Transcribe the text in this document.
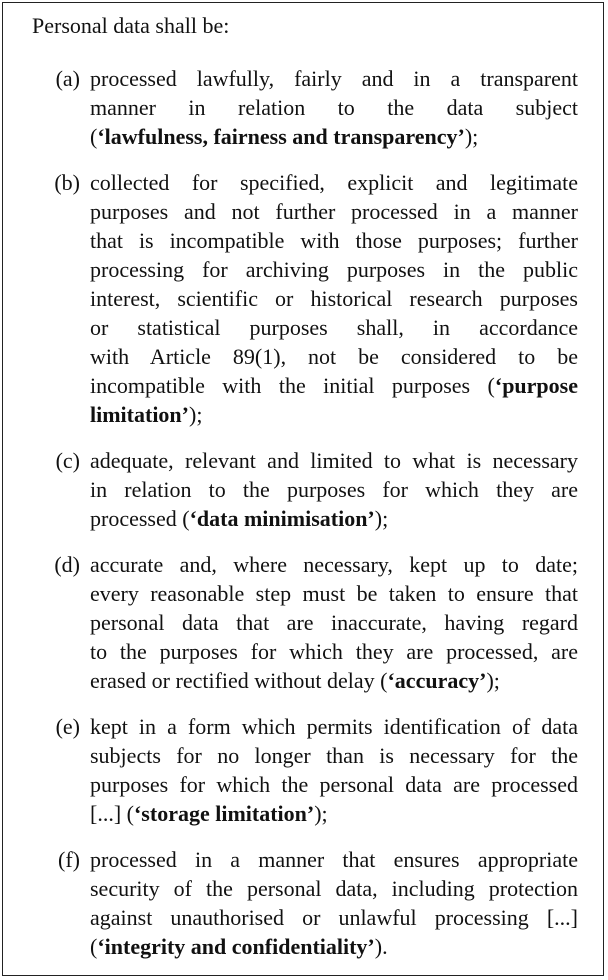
Personal data shall be:
(a) processed lawfully, fairly and in a transparent
manner in relation to the data subject
(‘lawfulness, fairness and transparency’);
(b) collected for specified, explicit and legitimate
purposes and not further processed in a manner
that is incompatible with those purposes; further
processing for archiving purposes in the public
interest, scientific or historical research purposes
or statistical purposes shall, in accordance
with Article 89(1), not be considered to be
incompatible with the initial purposes (‘purpose
limitation’);
(c) adequate, relevant and limited to what is necessary
in relation to the purposes for which they are
processed (‘data minimisation’);
(d) accurate and, where necessary, kept up to date;
every reasonable step must be taken to ensure that
personal data that are inaccurate, having regard
to the purposes for which they are processed, are
erased or rectified without delay (‘accuracy’);
(e) kept in a form which permits identification of data
subjects for no longer than is necessary for the
purposes for which the personal data are processed
[...] (‘storage limitation’);
(f) processed in a manner that ensures appropriate
security of the personal data, including protection
against unauthorised or unlawful processing [...]
(‘integrity and confidentiality’).
